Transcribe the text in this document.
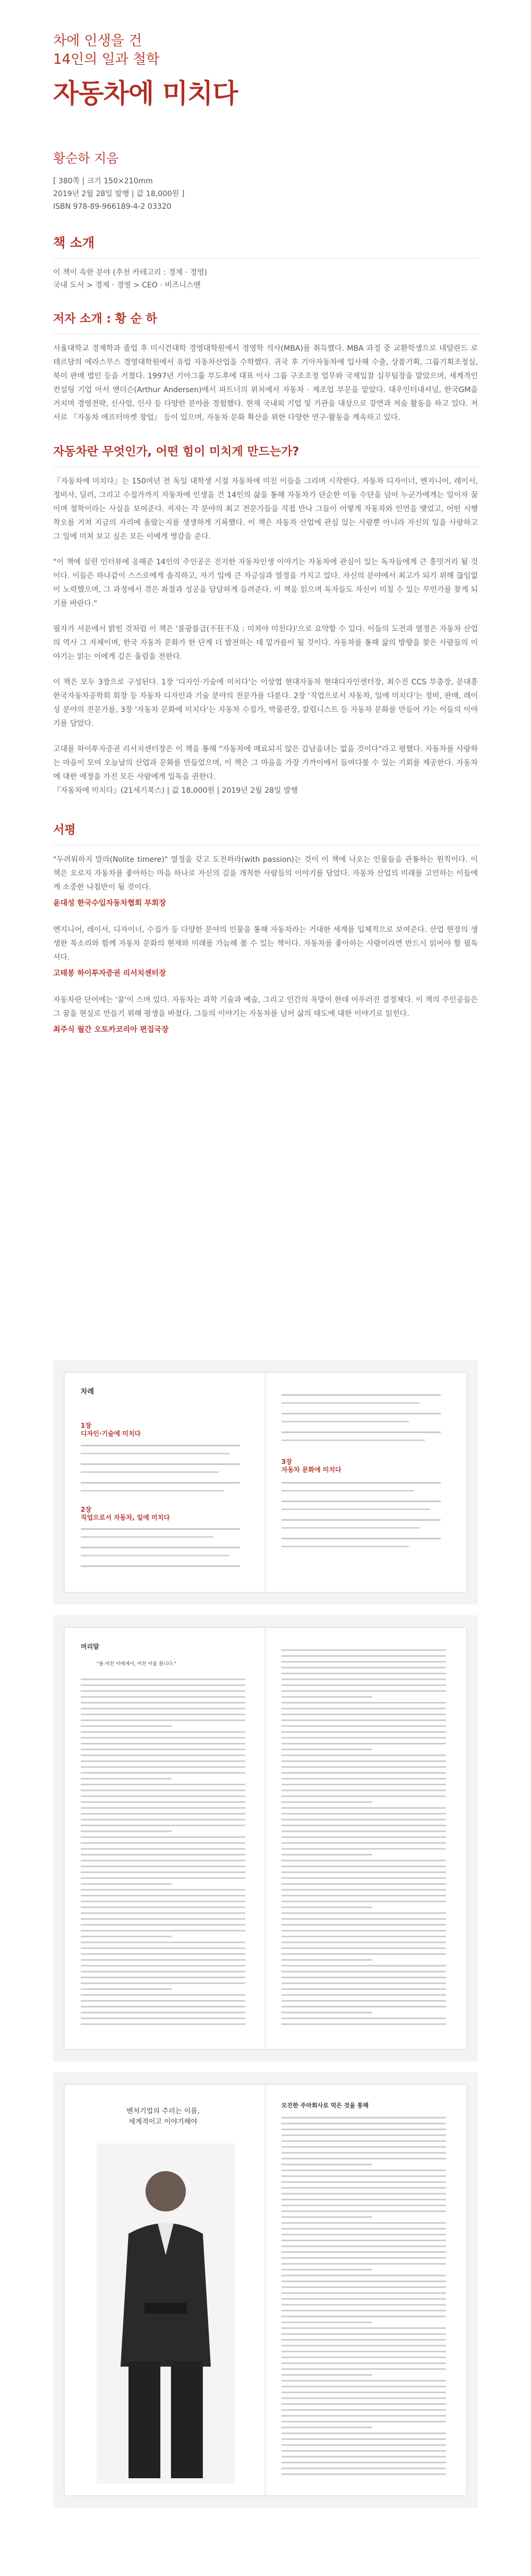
차에 인생을 건

14인의 일과 철학

자동차에 미치다

황순하 지음

[ 380쪽 | 크기 150×210mm

2019년 2월 28일 발행 | 값 18,000원 ]

ISBN 978-89-966189-4-2 03320

책 소개

이 책이 속한 분야 (추천 카테고리 : 경제 · 경영)

국내 도서 > 경제 · 경영 > CEO · 비즈니스맨

저자 소개 : 황 순 하

서울대학교 경제학과 졸업 후 미시건대학 경영대학원에서 경영학 석사(MBA)를 취득했다. MBA 과정 중 교환학생으로 네덜란드 로테르담의 에라스무스 경영대학원에서 유럽 자동차산업을 수학했다. 귀국 후 기아자동차에 입사해 수출, 상품기획, 그룹기획조정실, 북미 판매 법인 등을 거쳤다. 1997년 기아그룹 부도후에 대표 이사 그룹 구조조정 업무와 국제입찰 실무팀장을 맡았으며, 세계적인 컨설팅 기업 아서 앤더슨(Arthur Andersen)에서 파트너의 위치에서 자동차 · 제조업 부문을 맡았다. 대우인터내셔널, 한국GM을 거치며 경영전략, 신사업, 인사 등 다양한 분야를 경험했다. 현재 국내외 기업 및 기관을 대상으로 강연과 저술 활동을 하고 있다. 저서로 『자동차 애프터마켓 창업』 등이 있으며, 자동차 문화 확산을 위한 다양한 연구·활동을 계속하고 있다.

자동차란 무엇인가, 어떤 힘이 미치게 만드는가?

『자동차에 미치다』는 150여년 전 독일 대학생 시절 자동차에 미친 이들을 그리며 시작한다. 자동차 디자이너, 엔지니어, 레이서, 정비사, 딜러, 그리고 수집가까지 자동차에 인생을 건 14인의 삶을 통해 자동차가 단순한 이동 수단을 넘어 누군가에게는 일이자 꿈이며 철학이라는 사실을 보여준다. 저자는 각 분야의 최고 전문가들을 직접 만나 그들이 어떻게 자동차와 인연을 맺었고, 어떤 시행착오를 거쳐 지금의 자리에 올랐는지를 생생하게 기록했다. 이 책은 자동차 산업에 관심 있는 사람뿐 아니라 자신의 일을 사랑하고 그 일에 미쳐 보고 싶은 모든 이에게 영감을 준다.

"이 책에 실린 인터뷰에 응해준 14인의 주인공은 진지한 자동차인생 이야기는 자동차에 관심이 있는 독자들에게 큰 흥밋거리 될 것이다. 이들은 하나같이 스스로에게 솔직하고, 자기 일에 큰 자긍심과 열정을 가지고 있다. 자신의 분야에서 최고가 되기 위해 끊임없이 노력했으며, 그 과정에서 겪은 좌절과 성공을 담담하게 들려준다. 이 책을 읽으며 독자들도 자신이 미칠 수 있는 무언가를 찾게 되기를 바란다."

필자가 서문에서 밝힌 것처럼 이 책은 '불광불급(不狂不及 : 미쳐야 미친다)'으로 요약할 수 있다. 이들의 도전과 열정은 자동차 산업의 역사 그 자체이며, 한국 자동차 문화가 한 단계 더 발전하는 데 밑거름이 될 것이다. 자동차를 통해 삶의 방향을 찾은 사람들의 이야기는 읽는 이에게 깊은 울림을 전한다.

이 책은 모두 3장으로 구성된다. 1장 '디자인·기술에 미치다'는 이상엽 현대자동차 현대디자인센터장, 최수진 CCS 부총장, 문대흥 한국자동차공학회 회장 등 자동차 디자인과 기술 분야의 전문가를 다룬다. 2장 '직업으로서 자동차, 일에 미치다'는 정비, 판매, 레이싱 분야의 전문가를, 3장 '자동차 문화에 미치다'는 자동차 수집가, 박물관장, 칼럼니스트 등 자동차 문화를 만들어 가는 이들의 이야기를 담았다.

고대를 하이투자증권 리서치센터장은 이 책을 통해 "자동차에 매료되지 않은 갑남을녀는 없을 것이다"라고 평했다. 자동차를 사랑하는 마음이 모여 오늘날의 산업과 문화를 만들었으며, 이 책은 그 마음을 가장 가까이에서 들여다볼 수 있는 기회를 제공한다. 자동차에 대한 애정을 가진 모든 사람에게 일독을 권한다.

『자동차에 미치다』(21세기북스) | 값 18,000원 | 2019년 2월 28일 발행

서평

"두려워하지 말라(Nolite timere)" 열정을 갖고 도전하라(with passion)는 것이 이 책에 나오는 인물들을 관통하는 원칙이다. 이 책은 오로지 자동차를 좋아하는 마음 하나로 자신의 길을 개척한 사람들의 이야기를 담았다. 자동차 산업의 미래를 고민하는 이들에게 소중한 나침반이 될 것이다.

윤대성 한국수입자동차협회 부회장

엔지니어, 레이서, 디자이너, 수집가 등 다양한 분야의 인물을 통해 자동차라는 거대한 세계를 입체적으로 보여준다. 산업 현장의 생생한 목소리와 함께 자동차 문화의 현재와 미래를 가늠해 볼 수 있는 책이다. 자동차를 좋아하는 사람이라면 반드시 읽어야 할 필독서다.

고태봉 하이투자증권 리서치센터장

자동차란 단어에는 '꿈'이 스며 있다. 자동차는 과학 기술과 예술, 그리고 인간의 욕망이 한데 어우러진 결정체다. 이 책의 주인공들은 그 꿈을 현실로 만들기 위해 평생을 바쳤다. 그들의 이야기는 자동차를 넘어 삶의 태도에 대한 이야기로 읽힌다.

최주식 월간 오토카코리아 편집국장

차례
1장
디자인·기술에 미치다
2장
직업으로서 자동차, 일에 미치다
3장
자동차 문화에 미치다
머리말
"불 미친 이에게서, 미친 이를 봅니다."
벤처기업의 주리는 이름,
세계적이고 이야기해야
모진한 주마회사로 먹은 것을 통해
